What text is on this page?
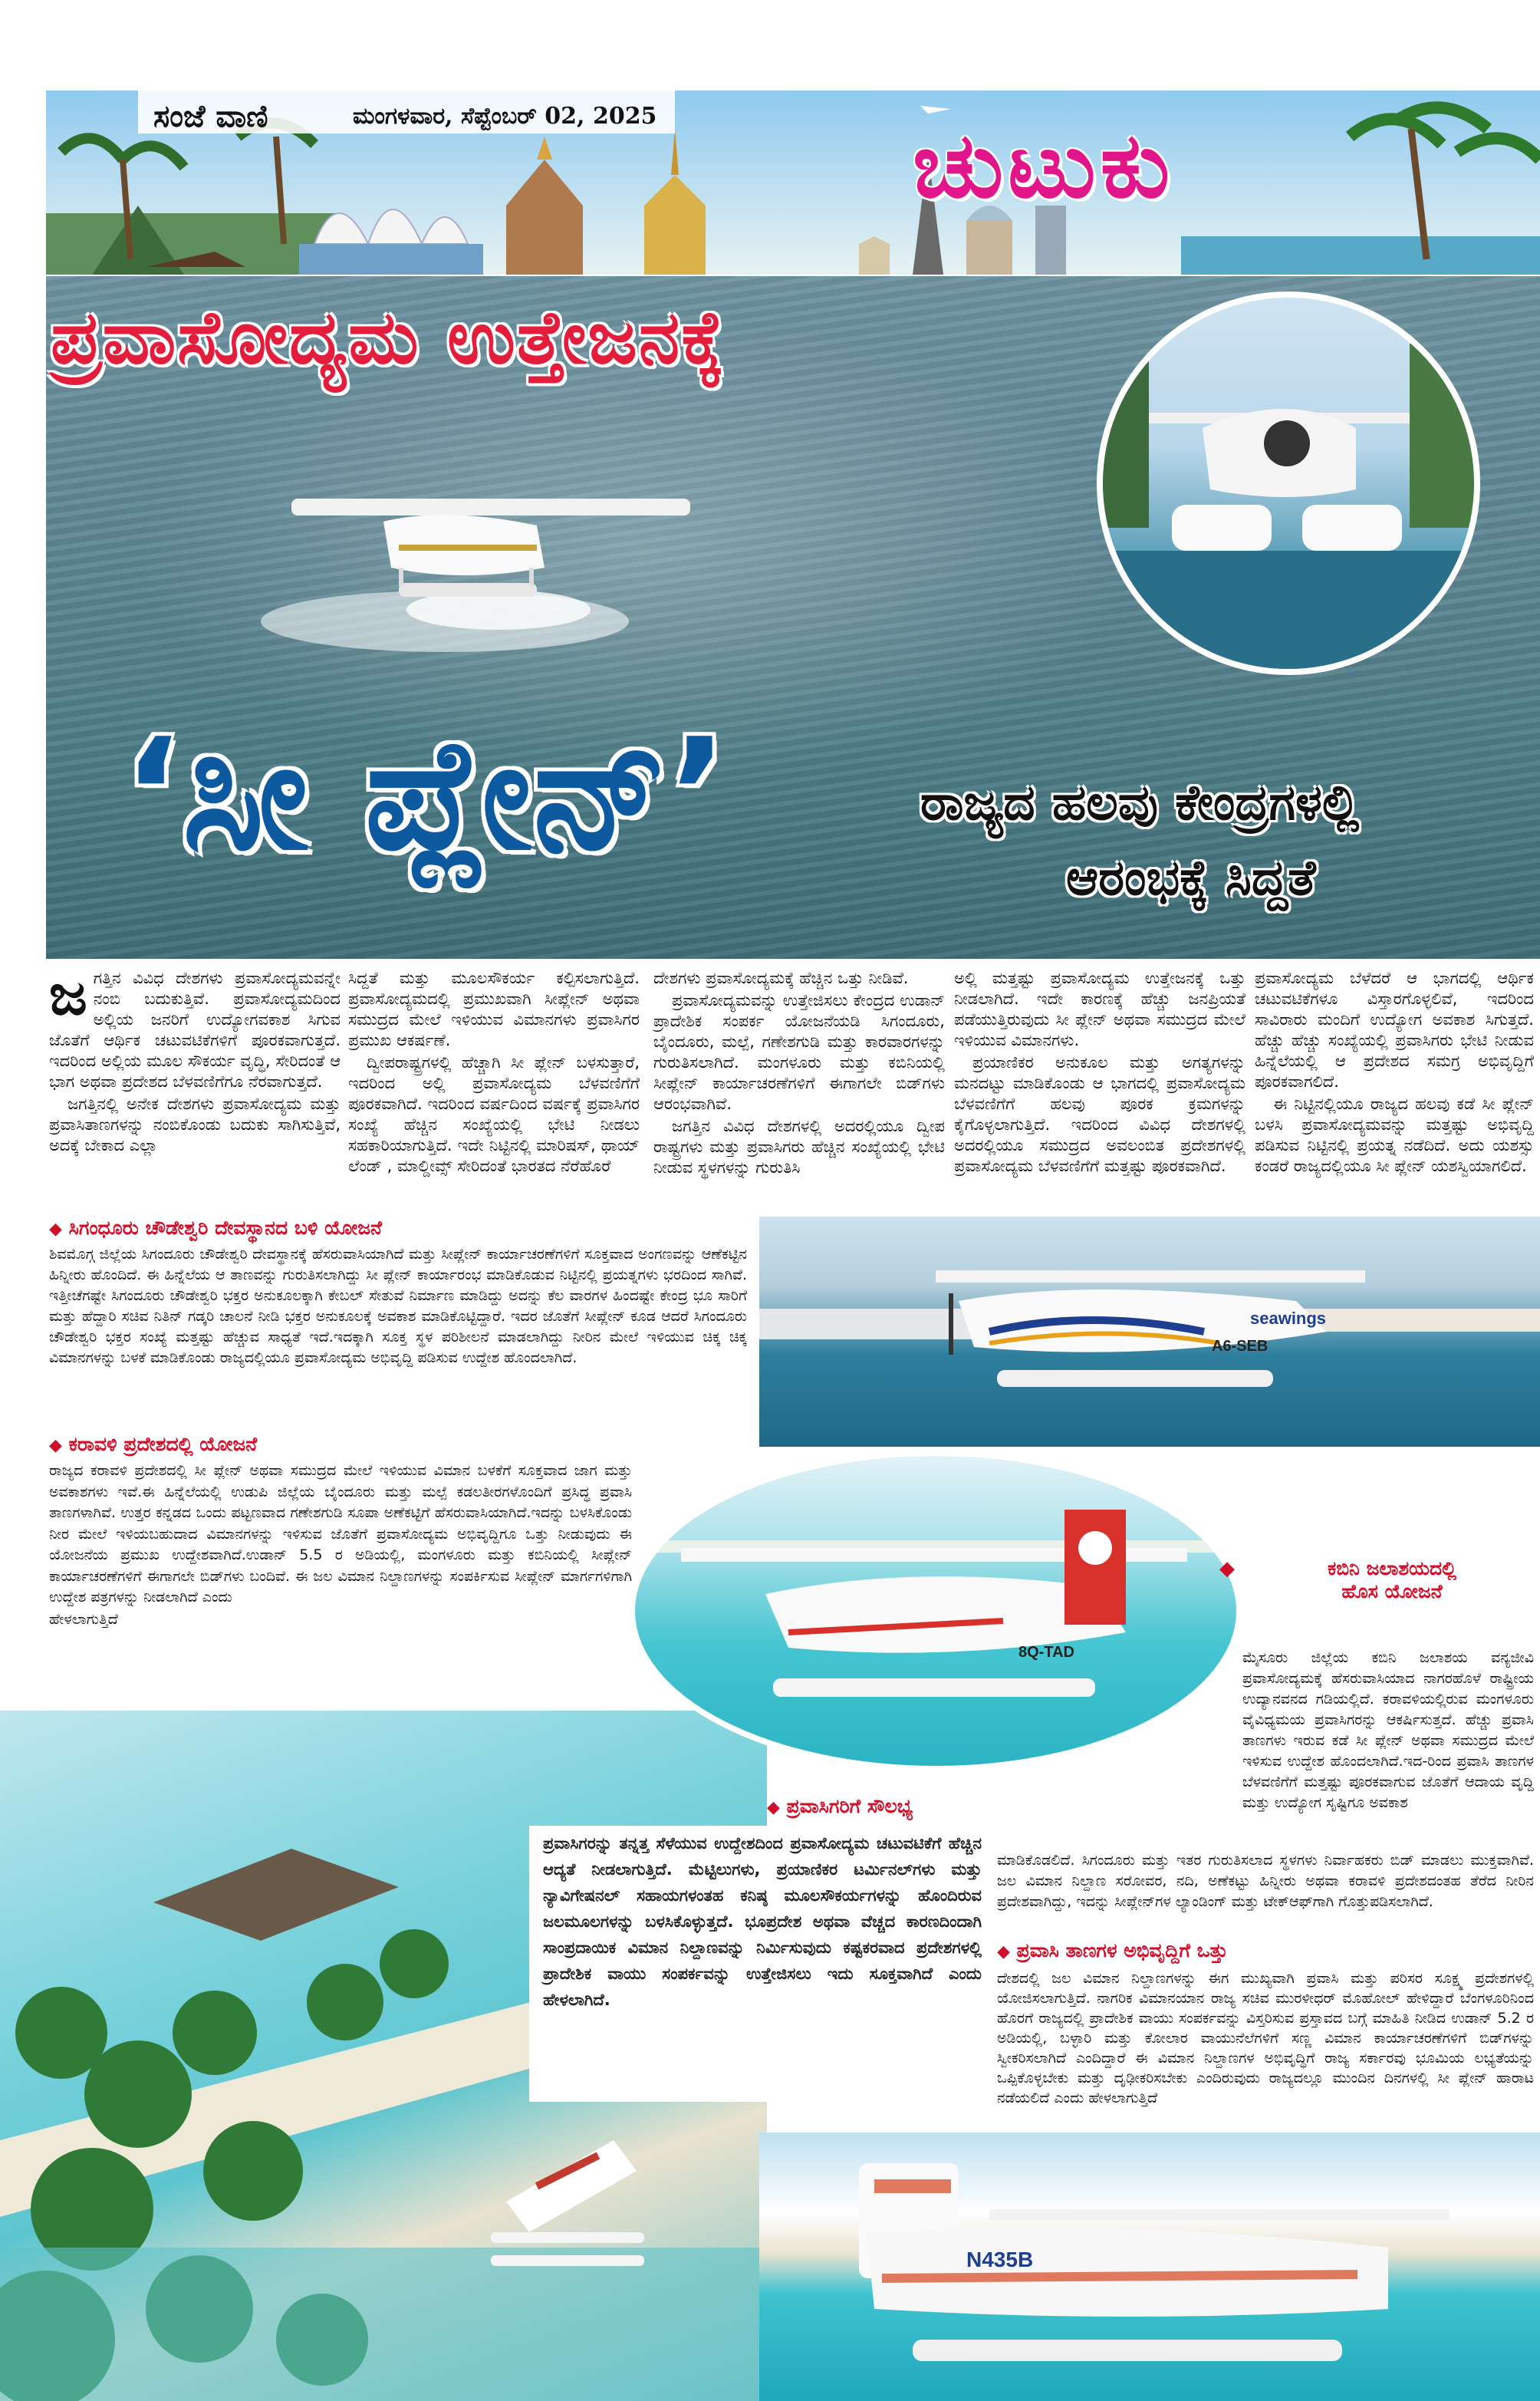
ಸಂಜೆ ವಾಣಿ	ಮಂಗಳವಾರ, ಸೆಪ್ಟೆಂಬರ್ 02, 2025	ಚುಟುಕು
ಪ್ರವಾಸೋದ್ಯಮ ಉತ್ತೇಜನಕ್ಕೆ
‘ಸೀ ಪ್ಲೇನ್’	ರಾಜ್ಯದ ಹಲವು ಕೇಂದ್ರಗಳಲ್ಲಿ
ಆರಂಭಕ್ಕೆ ಸಿದ್ದತೆ
ಜ ಗತ್ತಿನ ವಿವಿಧ ದೇಶಗಳು ಪ್ರವಾಸೋದ್ಯಮವನ್ನೇ ನಂಬಿ ಬದುಕುತ್ತಿವೆ. ಪ್ರವಾಸೋದ್ಯಮದಿಂದ ಅಲ್ಲಿಯ ಜನರಿಗೆ ಉದ್ಯೋಗವಕಾಶ ಸಿಗುವ ಜೊತೆಗೆ ಆರ್ಥಿಕ ಚಟುವಟಿಕೆಗಳಿಗೆ ಪೂರಕವಾಗುತ್ತದೆ. ಇದರಿಂದ ಅಲ್ಲಿಯ ಮೂಲ ಸೌಕರ್ಯ ವೃದ್ಧಿ, ಸೇರಿದಂತೆ ಆ ಭಾಗ ಅಥವಾ ಪ್ರದೇಶದ ಬೆಳವಣಿಗೆಗೂ ನೆರವಾಗುತ್ತದೆ.

ಜಗತ್ತಿನಲ್ಲಿ ಅನೇಕ ದೇಶಗಳು ಪ್ರವಾಸೋದ್ಯಮ ಮತ್ತು ಪ್ರವಾಸಿತಾಣಗಳನ್ನು ನಂಬಿಕೊಂಡು ಬದುಕು ಸಾಗಿಸುತ್ತಿವೆ, ಅದಕ್ಕೆ ಬೇಕಾದ ಎಲ್ಲಾ

ಸಿದ್ದತೆ ಮತ್ತು ಮೂಲಸೌಕರ್ಯ ಕಲ್ಪಿಸಲಾಗುತ್ತಿದೆ. ಪ್ರವಾಸೋದ್ಯಮದಲ್ಲಿ ಪ್ರಮುಖವಾಗಿ ಸೀಪ್ಲೇನ್ ಅಥವಾ ಸಮುದ್ರದ ಮೇಲೆ ಇಳಿಯುವ ವಿಮಾನಗಳು ಪ್ರವಾಸಿಗರ ಪ್ರಮುಖ ಆಕರ್ಷಣೆ.

ದ್ವೀಪರಾಷ್ಟ್ರಗಳಲ್ಲಿ ಹೆಚ್ಚಾಗಿ ಸೀ ಪ್ಲೇನ್ ಬಳಸುತ್ತಾರೆ, ಇದರಿಂದ ಅಲ್ಲಿ ಪ್ರವಾಸೋದ್ಯಮ ಬೆಳವಣಿಗೆಗೆ ಪೂರಕವಾಗಿದೆ. ಇದರಿಂದ ವರ್ಷದಿಂದ ವರ್ಷಕ್ಕೆ ಪ್ರವಾಸಿಗರ ಸಂಖ್ಯೆ ಹೆಚ್ಚಿನ ಸಂಖ್ಯೆಯಲ್ಲಿ ಭೇಟಿ ನೀಡಲು ಸಹಕಾರಿಯಾಗುತ್ತಿದೆ. ಇದೇ ನಿಟ್ಟಿನಲ್ಲಿ ಮಾರಿಷಸ್, ಥಾಯ್ ಲೆಂಡ್ , ಮಾಲ್ಡೀವ್ಸ್ ಸೇರಿದಂತೆ ಭಾರತದ ನೆರೆಹೊರೆ

ದೇಶಗಳು ಪ್ರವಾಸೋದ್ಯಮಕ್ಕೆ ಹೆಚ್ಚಿನ ಒತ್ತು ನೀಡಿವೆ.

ಪ್ರವಾಸೋದ್ಯಮವನ್ನು ಉತ್ತೇಜಿಸಲು ಕೇಂದ್ರದ ಉಡಾನ್ ಪ್ರಾದೇಶಿಕ ಸಂಪರ್ಕ ಯೋಜನೆಯಡಿ ಸಿಗಂದೂರು, ಬೈಂದೂರು, ಮಲ್ಪೆ, ಗಣೇಶಗುಡಿ ಮತ್ತು ಕಾರವಾರಗಳನ್ನು ಗುರುತಿಸಲಾಗಿದೆ. ಮಂಗಳೂರು ಮತ್ತು ಕಬಿನಿಯಲ್ಲಿ ಸೀಪ್ಲೇನ್ ಕಾರ್ಯಾಚರಣೆಗಳಿಗೆ ಈಗಾಗಲೇ ಬಿಡ್‌ಗಳು ಆರಂಭವಾಗಿವೆ.

ಜಗತ್ತಿನ ವಿವಿಧ ದೇಶಗಳಲ್ಲಿ ಅದರಲ್ಲಿಯೂ ದ್ವೀಪ ರಾಷ್ಟ್ರಗಳು ಮತ್ತು ಪ್ರವಾಸಿಗರು ಹೆಚ್ಚಿನ ಸಂಖ್ಯೆಯಲ್ಲಿ ಭೇಟಿ ನೀಡುವ ಸ್ಥಳಗಳನ್ನು ಗುರುತಿಸಿ

ಅಲ್ಲಿ ಮತ್ತಷ್ಟು ಪ್ರವಾಸೋದ್ಯಮ ಉತ್ತೇಜನಕ್ಕೆ ಒತ್ತು ನೀಡಲಾಗಿದೆ. ಇದೇ ಕಾರಣಕ್ಕೆ ಹೆಚ್ಚು ಜನಪ್ರಿಯತೆ ಪಡೆಯುತ್ತಿರುವುದು ಸೀ ಪ್ಲೇನ್ ಅಥವಾ ಸಮುದ್ರದ ಮೇಲೆ ಇಳಿಯುವ ವಿಮಾನಗಳು.

ಪ್ರಯಾಣಿಕರ ಅನುಕೂಲ ಮತ್ತು ಅಗತ್ಯಗಳನ್ನು ಮನದಟ್ಟು ಮಾಡಿಕೊಂಡು ಆ ಭಾಗದಲ್ಲಿ ಪ್ರವಾಸೋದ್ಯಮ ಬೆಳವಣಿಗೆಗೆ ಹಲವು ಪೂರಕ ಕ್ರಮಗಳನ್ನು ಕೈಗೊಳ್ಳಲಾಗುತ್ತಿದೆ. ಇದರಿಂದ ವಿವಿಧ ದೇಶಗಳಲ್ಲಿ ಅದರಲ್ಲಿಯೂ ಸಮುದ್ರದ ಅವಲಂಬಿತ ಪ್ರದೇಶಗಳಲ್ಲಿ ಪ್ರವಾಸೋದ್ಯಮ ಬೆಳವಣಿಗೆಗೆ ಮತ್ತಷ್ಟು ಪೂರಕವಾಗಿದೆ.

ಪ್ರವಾಸೋದ್ಯಮ ಬೆಳೆದರೆ ಆ ಭಾಗದಲ್ಲಿ ಆರ್ಥಿಕ ಚಟುವಟಿಕೆಗಳೂ ವಿಸ್ತಾರಗೊಳ್ಳಲಿವೆ, ಇದರಿಂದ ಸಾವಿರಾರು ಮಂದಿಗೆ ಉದ್ಯೋಗ ಅವಕಾಶ ಸಿಗುತ್ತದೆ. ಹೆಚ್ಚು ಹೆಚ್ಚು ಸಂಖ್ಯೆಯಲ್ಲಿ ಪ್ರವಾಸಿಗರು ಭೇಟಿ ನೀಡುವ ಹಿನ್ನೆಲೆಯಲ್ಲಿ ಆ ಪ್ರದೇಶದ ಸಮಗ್ರ ಅಭಿವೃದ್ದಿಗೆ ಪೂರಕವಾಗಲಿದೆ.

ಈ ನಿಟ್ಟಿನಲ್ಲಿಯೂ ರಾಜ್ಯದ ಹಲವು ಕಡೆ ಸೀ ಪ್ಲೇನ್ ಬಳಸಿ ಪ್ರವಾಸೋದ್ಯಮವನ್ನು ಮತ್ತಷ್ಟು ಅಭಿವೃದ್ದಿ ಪಡಿಸುವ ನಿಟ್ಟಿನಲ್ಲಿ ಪ್ರಯತ್ನ ನಡೆದಿದೆ. ಅದು ಯಶಸ್ಸು ಕಂಡರೆ ರಾಜ್ಯದಲ್ಲಿಯೂ ಸೀ ಪ್ಲೇನ್ ಯಶಸ್ವಿಯಾಗಲಿದೆ.

◆ ಸಿಗಂಧೂರು ಚೌಡೇಶ್ವರಿ ದೇವಸ್ಥಾನದ ಬಳಿ ಯೋಜನೆ
ಶಿವಮೊಗ್ಗ ಜಿಲ್ಲೆಯ ಸಿಗಂದೂರು ಚೌಡೇಶ್ವರಿ ದೇವಸ್ಥಾನಕ್ಕೆ ಹೆಸರುವಾಸಿಯಾಗಿದೆ ಮತ್ತು ಸೀಪ್ಲೇನ್ ಕಾರ್ಯಾಚರಣೆಗಳಿಗೆ ಸೂಕ್ತವಾದ ಅಂಗಣವನ್ನು ಆಣೆಕಟ್ಟಿನ ಹಿನ್ನೀರು ಹೊಂದಿದೆ. ಈ ಹಿನ್ನೆಲೆಯ ಆ ತಾಣವನ್ನು ಗುರುತಿಸಲಾಗಿದ್ದು ಸೀ ಪ್ಲೇನ್ ಕಾರ್ಯಾರಂಭ ಮಾಡಿಕೊಡುವ ನಿಟ್ಟಿನಲ್ಲಿ ಪ್ರಯತ್ನಗಳು ಭರದಿಂದ ಸಾಗಿವೆ. ಇತ್ತೀಚೆಗಷ್ಟೇ ಸಿಗಂದೂರು ಚೌಡೇಶ್ವರಿ ಭಕ್ತರ ಅನುಕೂಲಕ್ಕಾಗಿ ಕೇಬಲ್ ಸೇತುವೆ ನಿರ್ಮಾಣ ಮಾಡಿದ್ದು ಅದನ್ನು ಕೆಲ ವಾರಗಳ ಹಿಂದಷ್ಟೇ ಕೇಂದ್ರ ಭೂ ಸಾರಿಗೆ ಮತ್ತು ಹೆದ್ದಾರಿ ಸಚಿವ ನಿತಿನ್ ಗಡ್ಕರಿ ಚಾಲನೆ ನೀಡಿ ಭಕ್ತರ ಅನುಕೂಲಕ್ಕೆ ಅವಕಾಶ ಮಾಡಿಕೊಟ್ಟಿದ್ದಾರೆ. ಇದರ ಜೊತೆಗೆ ಸೀಪ್ಲೇನ್ ಕೂಡ ಆದರೆ ಸಿಗಂದೂರು ಚೌಡೇಶ್ವರಿ ಭಕ್ತರ ಸಂಖ್ಯೆ ಮತ್ತಷ್ಟು ಹೆಚ್ಚುವ ಸಾಧ್ಯತೆ ಇದೆ.ಇದಕ್ಕಾಗಿ ಸೂಕ್ತ ಸ್ಥಳ ಪರಿಶೀಲನೆ ಮಾಡಲಾಗಿದ್ದು ನೀರಿನ ಮೇಲೆ ಇಳಿಯುವ ಚಿಕ್ಕ ಚಿಕ್ಕ ವಿಮಾನಗಳನ್ನು ಬಳಕೆ ಮಾಡಿಕೊಂಡು ರಾಜ್ಯದಲ್ಲಿಯೂ ಪ್ರವಾಸೋದ್ಯಮ ಅಭಿವೃದ್ದಿ ಪಡಿಸುವ ಉದ್ದೇಶ ಹೊಂದಲಾಗಿದೆ.
seawings
A6-SEB
◆ ಕರಾವಳಿ ಪ್ರದೇಶದಲ್ಲಿ ಯೋಜನೆ
ರಾಜ್ಯದ ಕರಾವಳಿ ಪ್ರದೇಶದಲ್ಲಿ ಸೀ ಪ್ಲೇನ್ ಅಥವಾ ಸಮುದ್ರದ ಮೇಲೆ ಇಳಿಯುವ ವಿಮಾನ ಬಳಕೆಗೆ ಸೂಕ್ತವಾದ ಜಾಗ ಮತ್ತು ಅವಕಾಶಗಳು ಇವೆ.ಈ ಹಿನ್ನೆಲೆಯಲ್ಲಿ ಉಡುಪಿ ಜಿಲ್ಲೆಯ ಬೈಂದೂರು ಮತ್ತು ಮಲ್ಪೆ ಕಡಲತೀರಗಳೊಂದಿಗೆ ಪ್ರಸಿದ್ಧ ಪ್ರವಾಸಿ ತಾಣಗಳಾಗಿವೆ. ಉತ್ತರ ಕನ್ನಡದ ಒಂದು ಪಟ್ಟಣವಾದ ಗಣೇಶಗುಡಿ ಸೂಪಾ ಅಣೆಕಟ್ಟಿಗೆ ಹೆಸರುವಾಸಿಯಾಗಿದೆ.ಇದನ್ನು ಬಳಸಿಕೊಂಡು ನೀರ ಮೇಲೆ ಇಳಿಯಬಹುದಾದ ವಿಮಾನಗಳನ್ನು ಇಳಿಸುವ ಜೊತೆಗೆ ಪ್ರವಾಸೋದ್ಯಮ ಅಭಿವೃದ್ದಿಗೂ ಒತ್ತು ನೀಡುವುದು ಈ ಯೋಜನೆಯ ಪ್ರಮುಖ ಉದ್ದೇಶವಾಗಿದೆ.ಉಡಾನ್ 5.5 ರ ಅಡಿಯಲ್ಲಿ, ಮಂಗಳೂರು ಮತ್ತು ಕಬಿನಿಯಲ್ಲಿ ಸೀಪ್ಲೇನ್ ಕಾರ್ಯಾಚರಣೆಗಳಿಗೆ ಈಗಾಗಲೇ ಬಿಡ್‌ಗಳು ಬಂದಿವೆ. ಈ ಜಲ ವಿಮಾನ ನಿಲ್ದಾಣಗಳನ್ನು ಸಂಪರ್ಕಿಸುವ ಸೀಪ್ಲೇನ್ ಮಾರ್ಗಗಳಿಗಾಗಿ ಉದ್ದೇಶ ಪತ್ರಗಳನ್ನು ನೀಡಲಾಗಿದೆ ಎಂದು
ಹೇಳಲಾಗುತ್ತಿದೆ
8Q-TAD
◆	ಕಬಿನಿ ಜಲಾಶಯದಲ್ಲಿ
ಹೊಸ ಯೋಜನೆ
ಮೈಸೂರು ಜಿಲ್ಲೆಯ ಕಬಿನಿ ಜಲಾಶಯ ವನ್ಯಜೀವಿ ಪ್ರವಾಸೋದ್ಯಮಕ್ಕೆ ಹೆಸರುವಾಸಿಯಾದ ನಾಗರಹೊಳೆ ರಾಷ್ಟ್ರೀಯ ಉದ್ಯಾನವನದ ಗಡಿಯಲ್ಲಿದೆ. ಕರಾವಳಿಯಲ್ಲಿರುವ ಮಂಗಳೂರು ವೈವಿಧ್ಯಮಯ ಪ್ರವಾಸಿಗರನ್ನು ಆಕರ್ಷಿಸುತ್ತದೆ. ಹೆಚ್ಚು ಪ್ರವಾಸಿ ತಾಣಗಳು ಇರುವ ಕಡೆ ಸೀ ಪ್ಲೇನ್ ಅಥವಾ ಸಮುದ್ರದ ಮೇಲೆ ಇಳಿಸುವ ಉದ್ದೇಶ ಹೊಂದಲಾಗಿದೆ.ಇದ-ರಿಂದ ಪ್ರವಾಸಿ ತಾಣಗಳ ಬೆಳವಣಿಗೆಗೆ ಮತ್ತಷ್ಟು ಪೂರಕವಾಗುವ ಜೊತೆಗೆ ಆದಾಯ ವೃದ್ದಿ ಮತ್ತು ಉದ್ಯೋಗ ಸೃಷ್ಟಿಗೂ ಅವಕಾಶ
ಮಾಡಿಕೊಡಲಿದೆ. ಸಿಗಂದೂರು ಮತ್ತು ಇತರ ಗುರುತಿಸಲಾದ ಸ್ಥಳಗಳು ನಿರ್ವಾಹಕರು ಬಿಡ್ ಮಾಡಲು ಮುಕ್ತವಾಗಿವೆ. ಜಲ ವಿಮಾನ ನಿಲ್ದಾಣ ಸರೋವರ, ನದಿ, ಅಣೆಕಟ್ಟು ಹಿನ್ನೀರು ಅಥವಾ ಕರಾವಳಿ ಪ್ರದೇಶದಂತಹ ತೆರೆದ ನೀರಿನ ಪ್ರದೇಶವಾಗಿದ್ದು, ಇದನ್ನು ಸೀಪ್ಲೇನ್‌ಗಳ ಲ್ಯಾಂಡಿಂಗ್ ಮತ್ತು ಟೇಕ್‌ಆಫ್‌ಗಾಗಿ ಗೊತ್ತುಪಡಿಸಲಾಗಿದೆ.
◆ ಪ್ರವಾಸಿಗರಿಗೆ ಸೌಲಭ್ಯ
ಪ್ರವಾಸಿಗರನ್ನು ತನ್ನತ್ತ ಸೆಳೆಯುವ ಉದ್ದೇಶದಿಂದ ಪ್ರವಾಸೋದ್ಯಮ ಚಟುವಟಿಕೆಗೆ ಹೆಚ್ಚಿನ ಆದ್ಯತೆ ನೀಡಲಾಗುತ್ತಿದೆ. ಮೆಟ್ಟಿಲುಗಳು, ಪ್ರಯಾಣಿಕರ ಟರ್ಮಿನಲ್‌ಗಳು ಮತ್ತು ನ್ಯಾವಿಗೇಷನಲ್ ಸಹಾಯಗಳಂತಹ ಕನಿಷ್ಠ ಮೂಲಸೌಕರ್ಯಗಳನ್ನು ಹೊಂದಿರುವ ಜಲಮೂಲಗಳನ್ನು ಬಳಸಿಕೊಳ್ಳುತ್ತದೆ. ಭೂಪ್ರದೇಶ ಅಥವಾ ವೆಚ್ಚದ ಕಾರಣದಿಂದಾಗಿ ಸಾಂಪ್ರದಾಯಿಕ ವಿಮಾನ ನಿಲ್ದಾಣವನ್ನು ನಿರ್ಮಿಸುವುದು ಕಷ್ಟಕರವಾದ ಪ್ರದೇಶಗಳಲ್ಲಿ ಪ್ರಾದೇಶಿಕ ವಾಯು ಸಂಪರ್ಕವನ್ನು ಉತ್ತೇಜಿಸಲು ಇದು ಸೂಕ್ತವಾಗಿದೆ ಎಂದು ಹೇಳಲಾಗಿದೆ.
◆ ಪ್ರವಾಸಿ ತಾಣಗಳ ಅಭಿವೃದ್ದಿಗೆ ಒತ್ತು
ದೇಶದಲ್ಲಿ ಜಲ ವಿಮಾನ ನಿಲ್ದಾಣಗಳನ್ನು ಈಗ ಮುಖ್ಯವಾಗಿ ಪ್ರವಾಸಿ ಮತ್ತು ಪರಿಸರ ಸೂಕ್ಷ್ಮ ಪ್ರದೇಶಗಳಲ್ಲಿ ಯೋಜಿಸಲಾಗುತ್ತಿದೆ. ನಾಗರಿಕ ವಿಮಾನಯಾನ ರಾಜ್ಯ ಸಚಿವ ಮುರಳೀಧರ್ ಮೊಹೋಲ್ ಹೇಳಿದ್ದಾರೆ ಬೆಂಗಳೂರಿನಿಂದ ಹೊರಗೆ ರಾಜ್ಯದಲ್ಲಿ ಪ್ರಾದೇಶಿಕ ವಾಯು ಸಂಪರ್ಕವನ್ನು ವಿಸ್ತರಿಸುವ ಪ್ರಸ್ತಾವದ ಬಗ್ಗೆ ಮಾಹಿತಿ ನೀಡಿದ ಉಡಾನ್ 5.2 ರ ಅಡಿಯಲ್ಲಿ, ಬಳ್ಳಾರಿ ಮತ್ತು ಕೋಲಾರ ವಾಯುನೆಲೆಗಳಿಗೆ ಸಣ್ಣ ವಿಮಾನ ಕಾರ್ಯಾಚರಣೆಗಳಿಗೆ ಬಿಡ್‌ಗಳನ್ನು ಸ್ವೀಕರಿಸಲಾಗಿದೆ ಎಂದಿದ್ದಾರೆ ಈ ವಿಮಾನ ನಿಲ್ದಾಣಗಳ ಅಭಿವೃದ್ಧಿಗೆ ರಾಜ್ಯ ಸರ್ಕಾರವು ಭೂಮಿಯ ಲಭ್ಯತೆಯನ್ನು ಒಪ್ಪಿಕೊಳ್ಳಬೇಕು ಮತ್ತು ದೃಢೀಕರಿಸಬೇಕು ಎಂದಿರುವುದು ರಾಜ್ಯದಲ್ಲೂ ಮುಂದಿನ ದಿನಗಳಲ್ಲಿ ಸೀ ಪ್ಲೇನ್ ಹಾರಾಟ ನಡೆಯಲಿದೆ ಎಂದು ಹೇಳಲಾಗುತ್ತಿದೆ
N435B
